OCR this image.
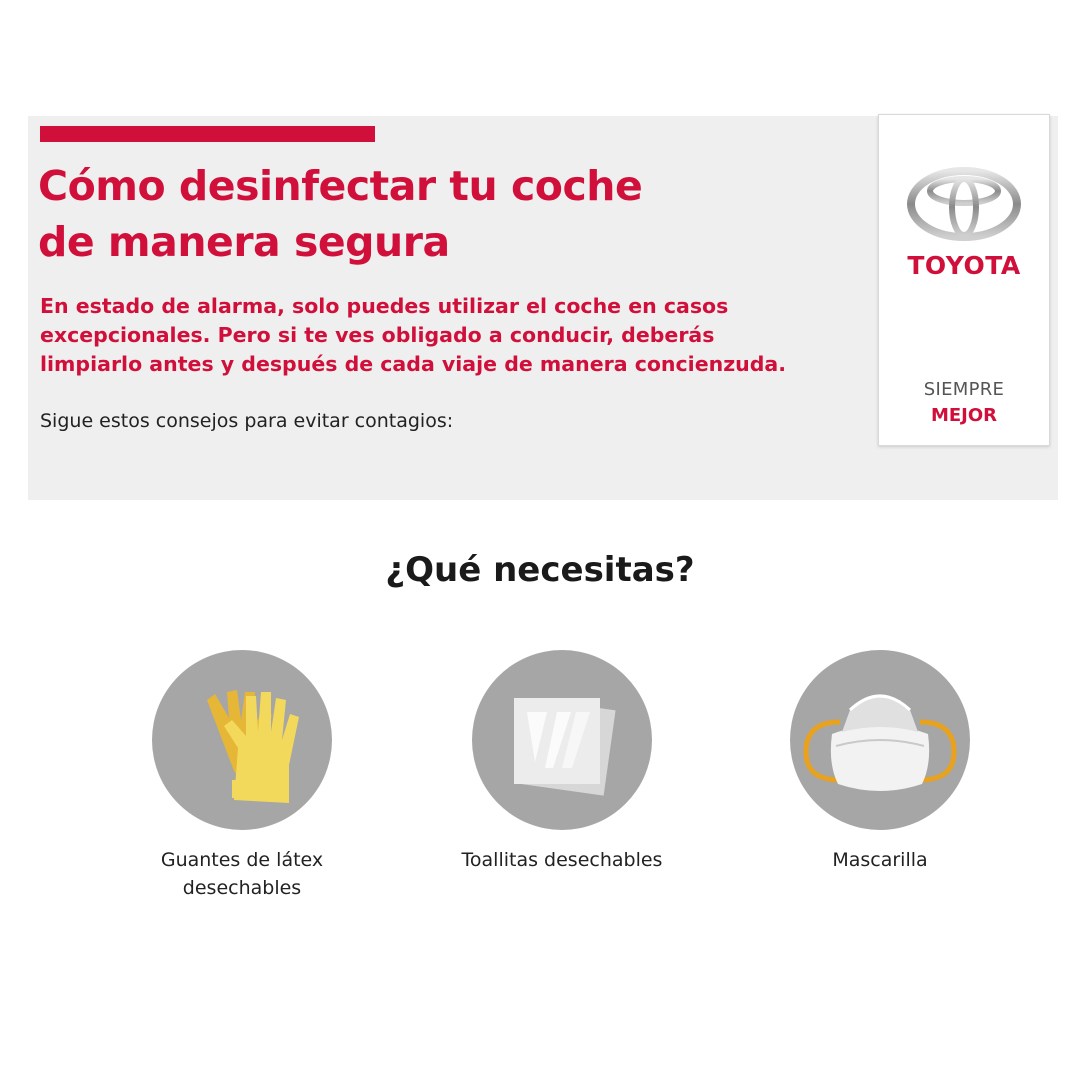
Cómo desinfectar tu coche
de manera segura

En estado de alarma, solo puedes utilizar el coche en casos
excepcionales. Pero si te ves obligado a conducir, deberás
limpiarlo antes y después de cada viaje de manera concienzuda.

Sigue estos consejos para evitar contagios:

TOYOTA
SIEMPRE
MEJOR
¿Qué necesitas?
Guantes de látex
desechables
Toallitas desechables	Mascarilla
